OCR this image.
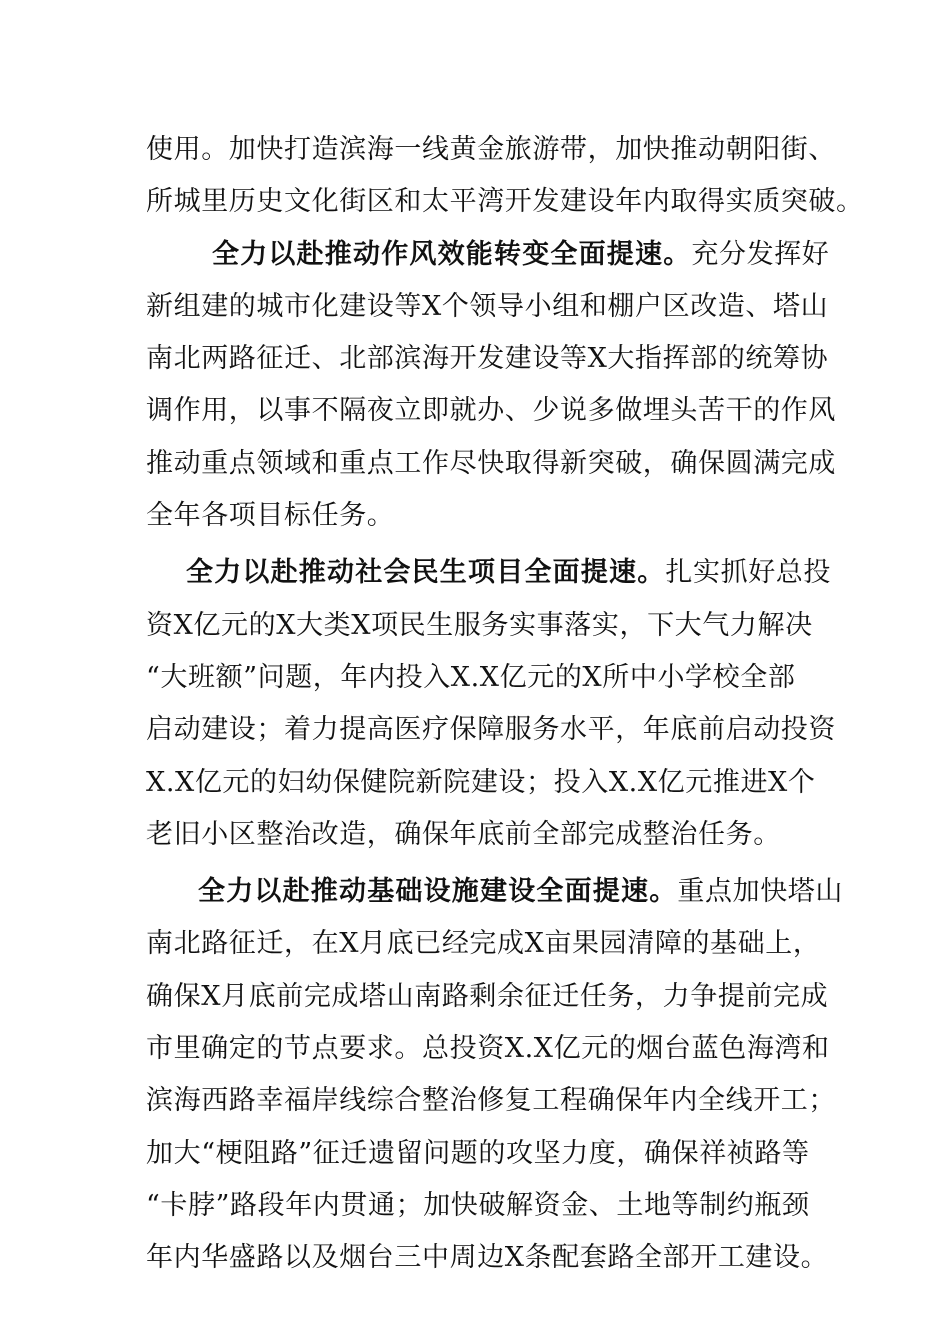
使用。加快打造滨海一线黄金旅游带，加快推动朝阳街、
所城里历史文化街区和太平湾开发建设年内取得实质突破。
全力以赴推动作风效能转变全面提速。充分发挥好
新组建的城市化建设等X个领导小组和棚户区改造、塔山
南北两路征迁、北部滨海开发建设等X大指挥部的统筹协
调作用，以事不隔夜立即就办、少说多做埋头苦干的作风
推动重点领域和重点工作尽快取得新突破，确保圆满完成
全年各项目标任务。
全力以赴推动社会民生项目全面提速。扎实抓好总投
资X亿元的X大类X项民生服务实事落实，下大气力解决
“大班额”问题，年内投入X.X亿元的X所中小学校全部
启动建设；着力提高医疗保障服务水平，年底前启动投资
X.X亿元的妇幼保健院新院建设；投入X.X亿元推进X个
老旧小区整治改造，确保年底前全部完成整治任务。
全力以赴推动基础设施建设全面提速。重点加快塔山
南北路征迁，在X月底已经完成X亩果园清障的基础上，
确保X月底前完成塔山南路剩余征迁任务，力争提前完成
市里确定的节点要求。总投资X.X亿元的烟台蓝色海湾和
滨海西路幸福岸线综合整治修复工程确保年内全线开工；
加大“梗阻路”征迁遗留问题的攻坚力度，确保祥祯路等
“卡脖”路段年内贯通；加快破解资金、土地等制约瓶颈
年内华盛路以及烟台三中周边X条配套路全部开工建设。
